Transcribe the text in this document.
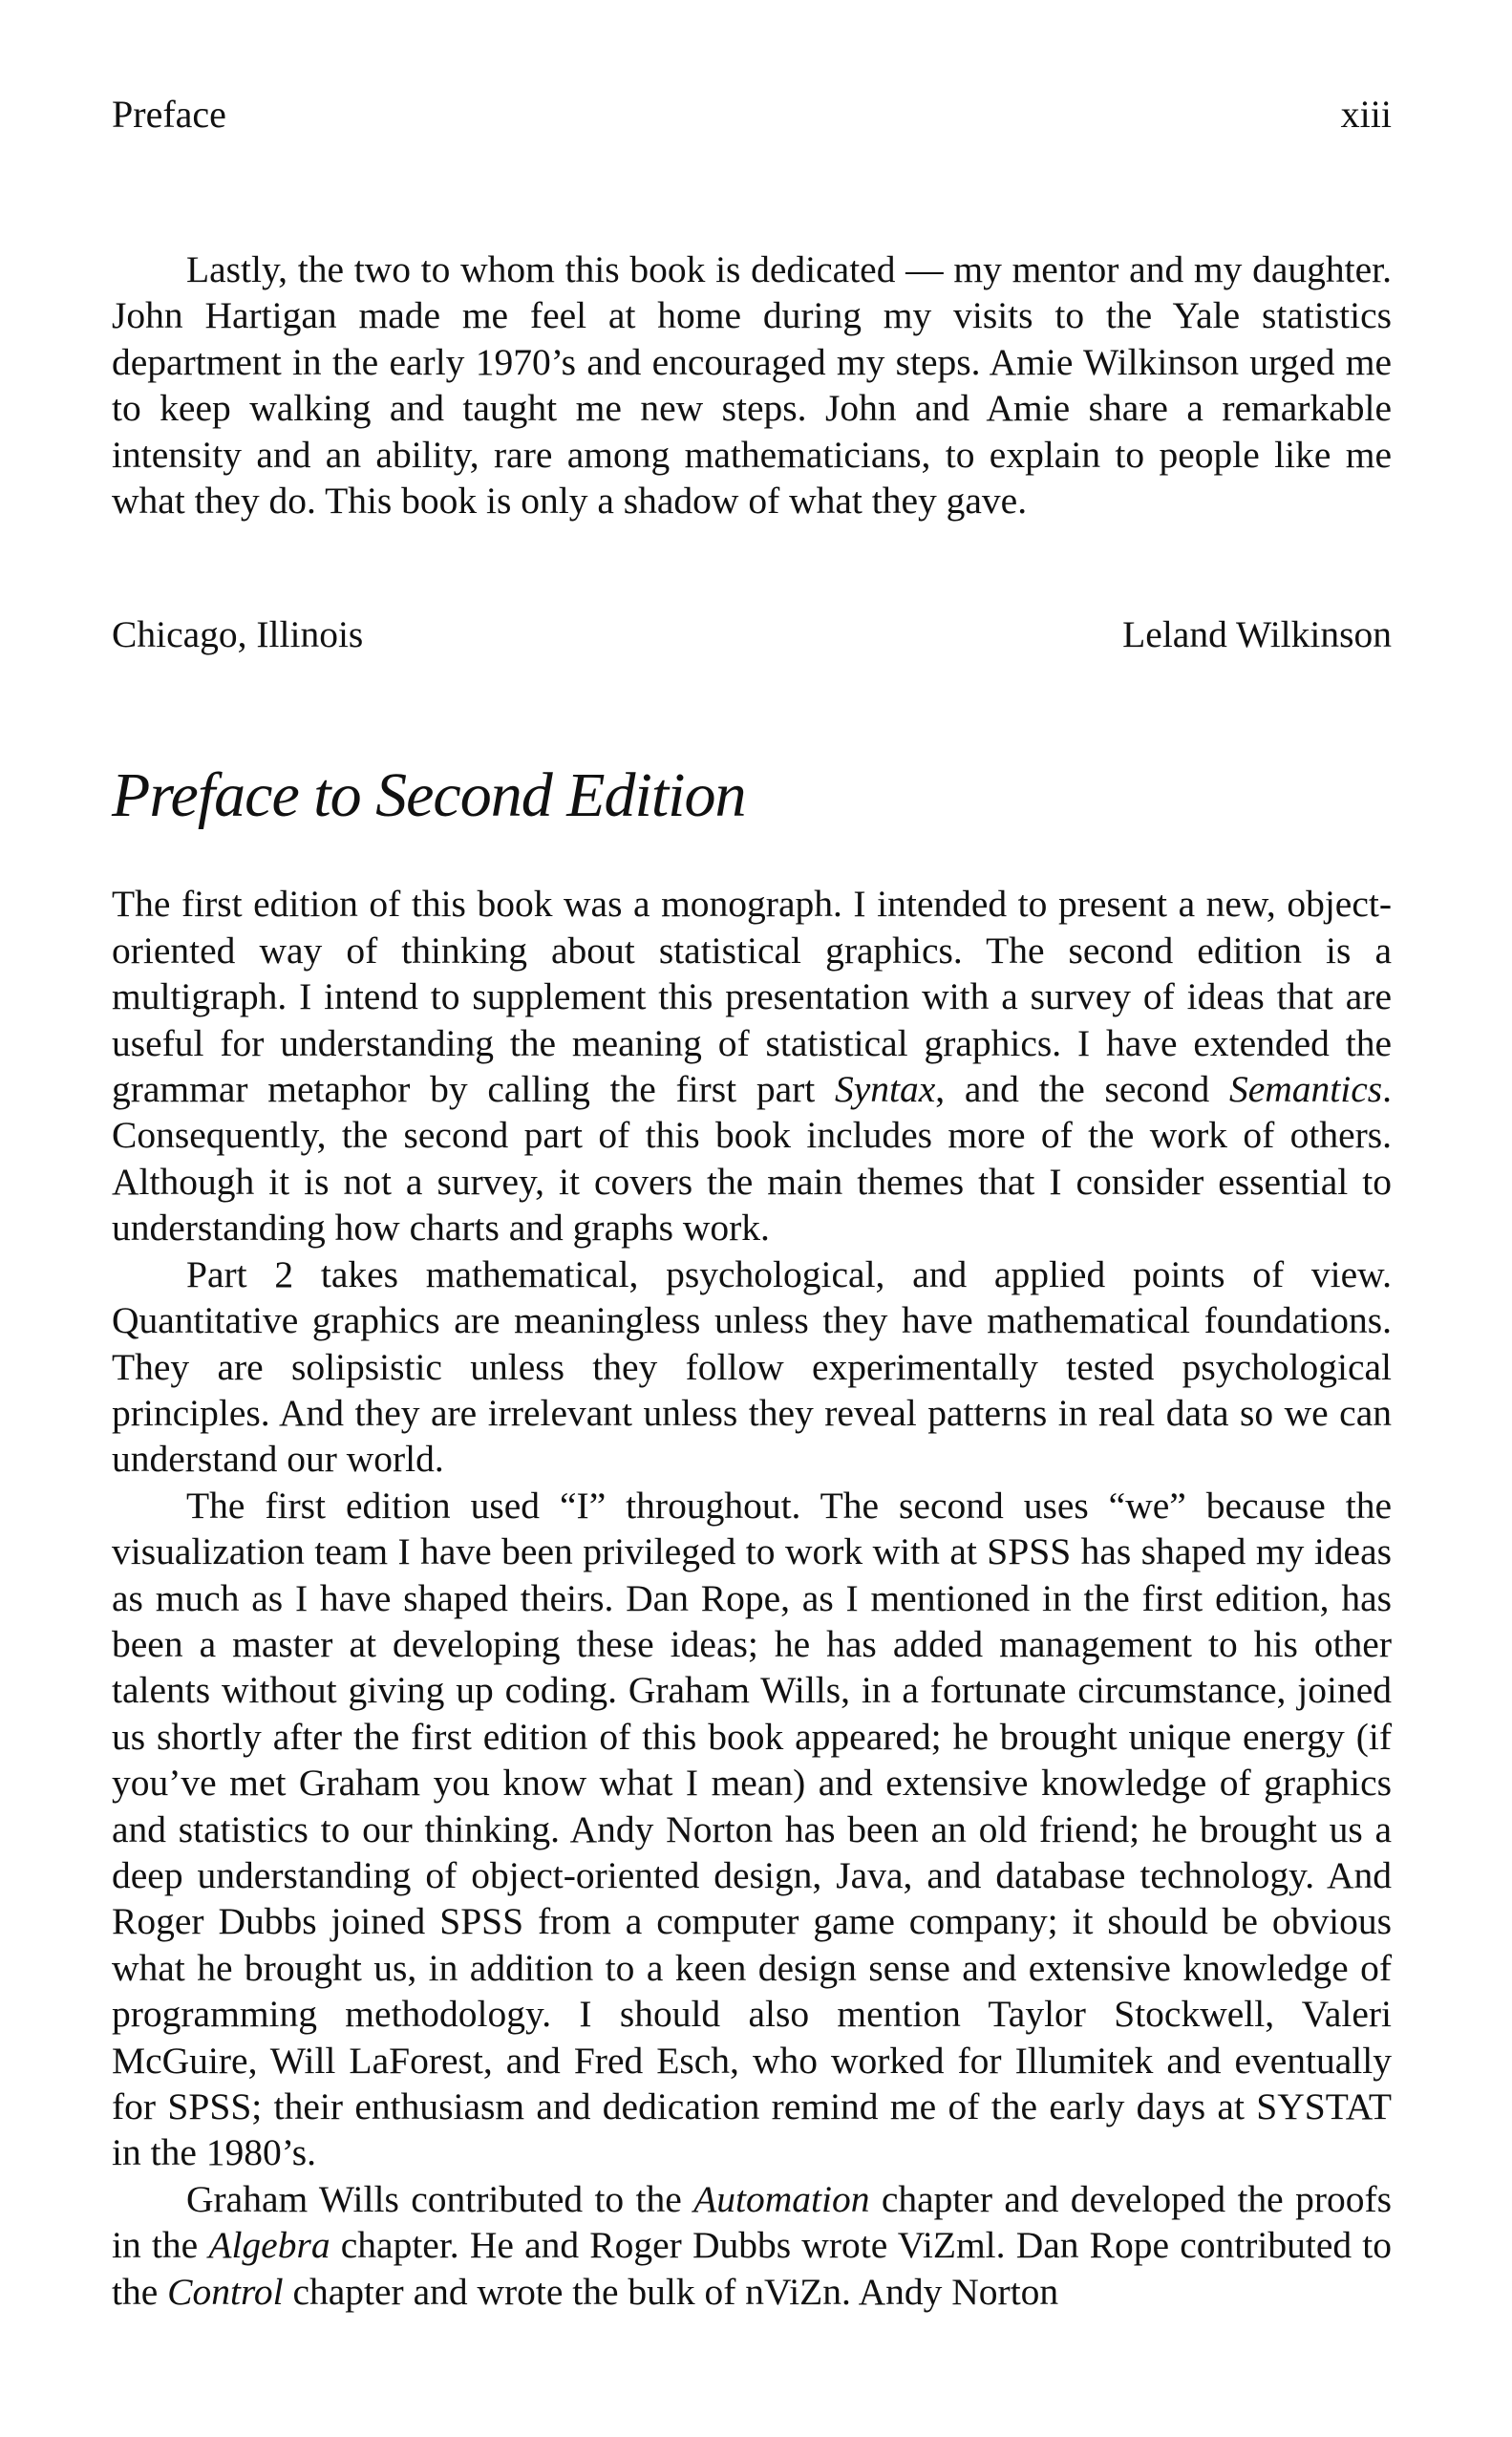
Preface	xiii

Lastly, the two to whom this book is dedicated — my mentor and my daughter. John Hartigan made me feel at home during my visits to the Yale statistics department in the early 1970’s and encouraged my steps. Amie Wilkinson urged me to keep walking and taught me new steps. John and Amie share a remarkable intensity and an ability, rare among mathematicians, to explain to people like me what they do. This book is only a shadow of what they gave.

Chicago, Illinois	Leland Wilkinson
Preface to Second Edition

The first edition of this book was a monograph. I intended to present a new, object-oriented way of thinking about statistical graphics. The second edition is a multigraph. I intend to supplement this presentation with a survey of ideas that are useful for understanding the meaning of statistical graphics. I have extended the grammar metaphor by calling the first part Syntax, and the second Semantics. Consequently, the second part of this book includes more of the work of others. Although it is not a survey, it covers the main themes that I consider essential to understanding how charts and graphs work.

Part 2 takes mathematical, psychological, and applied points of view. Quantitative graphics are meaningless unless they have mathematical foundations. They are solipsistic unless they follow experimentally tested psychological principles. And they are irrelevant unless they reveal patterns in real data so we can understand our world.

The first edition used “I” throughout. The second uses “we” because the visualization team I have been privileged to work with at SPSS has shaped my ideas as much as I have shaped theirs. Dan Rope, as I mentioned in the first edition, has been a master at developing these ideas; he has added management to his other talents without giving up coding. Graham Wills, in a fortunate circumstance, joined us shortly after the first edition of this book appeared; he brought unique energy (if you’ve met Graham you know what I mean) and extensive knowledge of graphics and statistics to our thinking. Andy Norton has been an old friend; he brought us a deep understanding of object-oriented design, Java, and database technology. And Roger Dubbs joined SPSS from a computer game company; it should be obvious what he brought us, in addition to a keen design sense and extensive knowledge of programming methodology. I should also mention Taylor Stockwell, Valeri McGuire, Will LaForest, and Fred Esch, who worked for Illumitek and eventually for SPSS; their enthusiasm and dedication remind me of the early days at SYSTAT in the 1980’s.

Graham Wills contributed to the Automation chapter and developed the proofs in the Algebra chapter. He and Roger Dubbs wrote ViZml. Dan Rope contributed to the Control chapter and wrote the bulk of nViZn. Andy Norton
